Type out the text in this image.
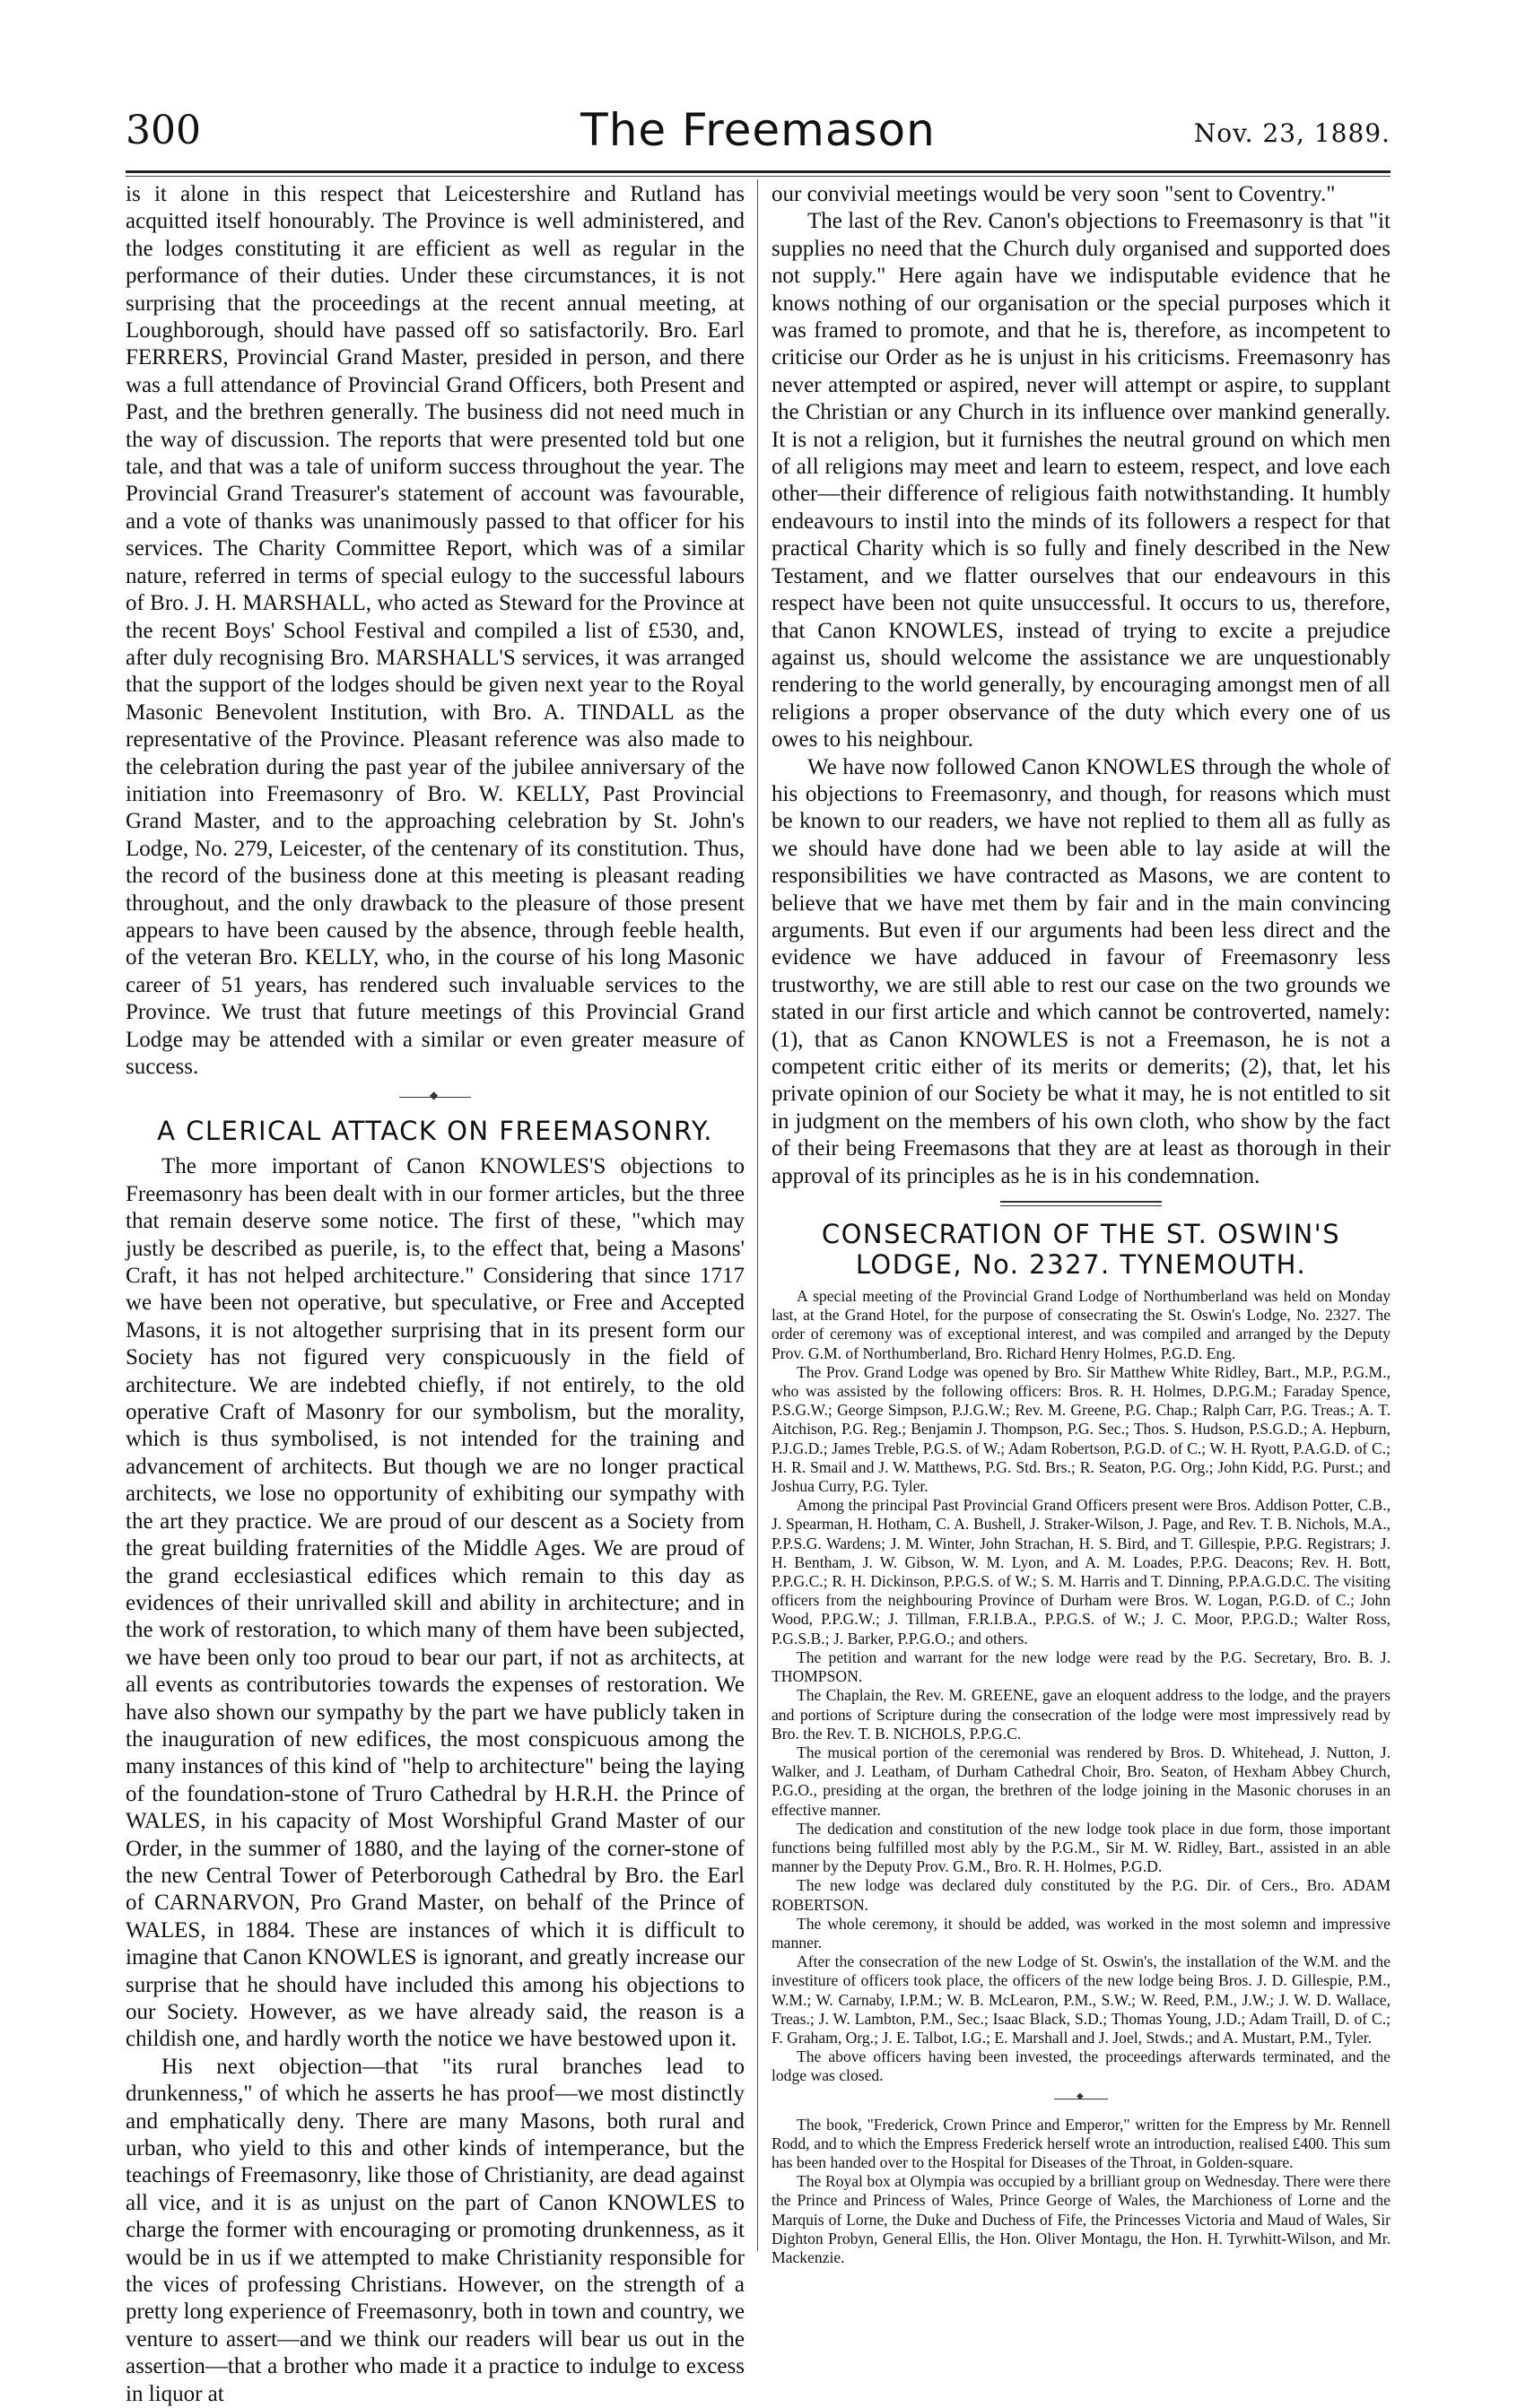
300	The Freemason	Nov. 23, 1889.

is it alone in this respect that Leicestershire and Rutland has acquitted itself honourably. The Province is well administered, and the lodges constituting it are efficient as well as regular in the performance of their duties. Under these circumstances, it is not surprising that the proceedings at the recent annual meeting, at Loughborough, should have passed off so satisfactorily. Bro. Earl FERRERS, Provincial Grand Master, presided in person, and there was a full attendance of Provincial Grand Officers, both Present and Past, and the brethren generally. The business did not need much in the way of discussion. The reports that were presented told but one tale, and that was a tale of uniform success throughout the year. The Provincial Grand Treasurer's statement of account was favourable, and a vote of thanks was unanimously passed to that officer for his services. The Charity Committee Report, which was of a similar nature, referred in terms of special eulogy to the successful labours of Bro. J. H. MARSHALL, who acted as Steward for the Province at the recent Boys' School Festival and compiled a list of £530, and, after duly recognising Bro. MARSHALL'S services, it was arranged that the support of the lodges should be given next year to the Royal Masonic Benevolent Institution, with Bro. A. TINDALL as the representative of the Province. Pleasant reference was also made to the celebration during the past year of the jubilee anniversary of the initiation into Freemasonry of Bro. W. KELLY, Past Provincial Grand Master, and to the approaching celebration by St. John's Lodge, No. 279, Leicester, of the centenary of its constitution. Thus, the record of the business done at this meeting is pleasant reading throughout, and the only drawback to the pleasure of those present appears to have been caused by the absence, through feeble health, of the veteran Bro. KELLY, who, in the course of his long Masonic career of 51 years, has rendered such invaluable services to the Province. We trust that future meetings of this Provincial Grand Lodge may be attended with a similar or even greater measure of success.

◆
A CLERICAL ATTACK ON FREEMASONRY.

The more important of Canon KNOWLES'S objections to Freemasonry has been dealt with in our former articles, but the three that remain deserve some notice. The first of these, "which may justly be described as puerile, is, to the effect that, being a Masons' Craft, it has not helped architecture." Considering that since 1717 we have been not operative, but speculative, or Free and Accepted Masons, it is not altogether surprising that in its present form our Society has not figured very conspicuously in the field of architecture. We are indebted chiefly, if not entirely, to the old operative Craft of Masonry for our symbolism, but the morality, which is thus symbolised, is not intended for the training and advancement of architects. But though we are no longer practical architects, we lose no opportunity of exhibiting our sympathy with the art they practice. We are proud of our descent as a Society from the great building fraternities of the Middle Ages. We are proud of the grand ecclesiastical edifices which remain to this day as evidences of their unrivalled skill and ability in architecture; and in the work of restoration, to which many of them have been subjected, we have been only too proud to bear our part, if not as architects, at all events as contributories towards the expenses of restoration. We have also shown our sympathy by the part we have publicly taken in the inauguration of new edifices, the most conspicuous among the many instances of this kind of "help to architecture" being the laying of the foundation-stone of Truro Cathedral by H.R.H. the Prince of WALES, in his capacity of Most Worshipful Grand Master of our Order, in the summer of 1880, and the laying of the corner-stone of the new Central Tower of Peterborough Cathedral by Bro. the Earl of CARNARVON, Pro Grand Master, on behalf of the Prince of WALES, in 1884. These are instances of which it is difficult to imagine that Canon KNOWLES is ignorant, and greatly increase our surprise that he should have included this among his objections to our Society. However, as we have already said, the reason is a childish one, and hardly worth the notice we have bestowed upon it.

His next objection—that "its rural branches lead to drunkenness," of which he asserts he has proof—we most distinctly and emphatically deny. There are many Masons, both rural and urban, who yield to this and other kinds of intemperance, but the teachings of Freemasonry, like those of Christianity, are dead against all vice, and it is as unjust on the part of Canon KNOWLES to charge the former with encouraging or promoting drunkenness, as it would be in us if we attempted to make Christianity responsible for the vices of professing Christians. However, on the strength of a pretty long experience of Freemasonry, both in town and country, we venture to assert—and we think our readers will bear us out in the assertion—that a brother who made it a practice to indulge to excess in liquor at

our convivial meetings would be very soon "sent to Coventry."

The last of the Rev. Canon's objections to Freemasonry is that "it supplies no need that the Church duly organised and supported does not supply." Here again have we indisputable evidence that he knows nothing of our organisation or the special purposes which it was framed to promote, and that he is, therefore, as incompetent to criticise our Order as he is unjust in his criticisms. Freemasonry has never attempted or aspired, never will attempt or aspire, to supplant the Christian or any Church in its influence over mankind generally. It is not a religion, but it furnishes the neutral ground on which men of all religions may meet and learn to esteem, respect, and love each other—their difference of religious faith notwithstanding. It humbly endeavours to instil into the minds of its followers a respect for that practical Charity which is so fully and finely described in the New Testament, and we flatter ourselves that our endeavours in this respect have been not quite unsuccessful. It occurs to us, therefore, that Canon KNOWLES, instead of trying to excite a prejudice against us, should welcome the assistance we are unquestionably rendering to the world generally, by encouraging amongst men of all religions a proper observance of the duty which every one of us owes to his neighbour.

We have now followed Canon KNOWLES through the whole of his objections to Freemasonry, and though, for reasons which must be known to our readers, we have not replied to them all as fully as we should have done had we been able to lay aside at will the responsibilities we have contracted as Masons, we are content to believe that we have met them by fair and in the main convincing arguments. But even if our arguments had been less direct and the evidence we have adduced in favour of Freemasonry less trustworthy, we are still able to rest our case on the two grounds we stated in our first article and which cannot be controverted, namely: (1), that as Canon KNOWLES is not a Freemason, he is not a competent critic either of its merits or demerits; (2), that, let his private opinion of our Society be what it may, he is not entitled to sit in judgment on the members of his own cloth, who show by the fact of their being Freemasons that they are at least as thorough in their approval of its principles as he is in his condemnation.

CONSECRATION OF THE ST. OSWIN'S LODGE, No. 2327. TYNEMOUTH.

A special meeting of the Provincial Grand Lodge of Northumberland was held on Monday last, at the Grand Hotel, for the purpose of consecrating the St. Oswin's Lodge, No. 2327. The order of ceremony was of exceptional interest, and was compiled and arranged by the Deputy Prov. G.M. of Northumberland, Bro. Richard Henry Holmes, P.G.D. Eng.

The Prov. Grand Lodge was opened by Bro. Sir Matthew White Ridley, Bart., M.P., P.G.M., who was assisted by the following officers: Bros. R. H. Holmes, D.P.G.M.; Faraday Spence, P.S.G.W.; George Simpson, P.J.G.W.; Rev. M. Greene, P.G. Chap.; Ralph Carr, P.G. Treas.; A. T. Aitchison, P.G. Reg.; Benjamin J. Thompson, P.G. Sec.; Thos. S. Hudson, P.S.G.D.; A. Hepburn, P.J.G.D.; James Treble, P.G.S. of W.; Adam Robertson, P.G.D. of C.; W. H. Ryott, P.A.G.D. of C.; H. R. Smail and J. W. Matthews, P.G. Std. Brs.; R. Seaton, P.G. Org.; John Kidd, P.G. Purst.; and Joshua Curry, P.G. Tyler.

Among the principal Past Provincial Grand Officers present were Bros. Addison Potter, C.B., J. Spearman, H. Hotham, C. A. Bushell, J. Straker-Wilson, J. Page, and Rev. T. B. Nichols, M.A., P.P.S.G. Wardens; J. M. Winter, John Strachan, H. S. Bird, and T. Gillespie, P.P.G. Registrars; J. H. Bentham, J. W. Gibson, W. M. Lyon, and A. M. Loades, P.P.G. Deacons; Rev. H. Bott, P.P.G.C.; R. H. Dickinson, P.P.G.S. of W.; S. M. Harris and T. Dinning, P.P.A.G.D.C. The visiting officers from the neighbouring Province of Durham were Bros. W. Logan, P.G.D. of C.; John Wood, P.P.G.W.; J. Tillman, F.R.I.B.A., P.P.G.S. of W.; J. C. Moor, P.P.G.D.; Walter Ross, P.G.S.B.; J. Barker, P.P.G.O.; and others.

The petition and warrant for the new lodge were read by the P.G. Secretary, Bro. B. J. THOMPSON.

The Chaplain, the Rev. M. GREENE, gave an eloquent address to the lodge, and the prayers and portions of Scripture during the consecration of the lodge were most impressively read by Bro. the Rev. T. B. NICHOLS, P.P.G.C.

The musical portion of the ceremonial was rendered by Bros. D. Whitehead, J. Nutton, J. Walker, and J. Leatham, of Durham Cathedral Choir, Bro. Seaton, of Hexham Abbey Church, P.G.O., presiding at the organ, the brethren of the lodge joining in the Masonic choruses in an effective manner.

The dedication and constitution of the new lodge took place in due form, those important functions being fulfilled most ably by the P.G.M., Sir M. W. Ridley, Bart., assisted in an able manner by the Deputy Prov. G.M., Bro. R. H. Holmes, P.G.D.

The new lodge was declared duly constituted by the P.G. Dir. of Cers., Bro. ADAM ROBERTSON.

The whole ceremony, it should be added, was worked in the most solemn and impressive manner.

After the consecration of the new Lodge of St. Oswin's, the installation of the W.M. and the investiture of officers took place, the officers of the new lodge being Bros. J. D. Gillespie, P.M., W.M.; W. Carnaby, I.P.M.; W. B. McLearon, P.M., S.W.; W. Reed, P.M., J.W.; J. W. D. Wallace, Treas.; J. W. Lambton, P.M., Sec.; Isaac Black, S.D.; Thomas Young, J.D.; Adam Traill, D. of C.; F. Graham, Org.; J. E. Talbot, I.G.; E. Marshall and J. Joel, Stwds.; and A. Mustart, P.M., Tyler.

The above officers having been invested, the proceedings afterwards terminated, and the lodge was closed.

◆

The book, "Frederick, Crown Prince and Emperor," written for the Empress by Mr. Rennell Rodd, and to which the Empress Frederick herself wrote an introduction, realised £400. This sum has been handed over to the Hospital for Diseases of the Throat, in Golden-square.

The Royal box at Olympia was occupied by a brilliant group on Wednesday. There were there the Prince and Princess of Wales, Prince George of Wales, the Marchioness of Lorne and the Marquis of Lorne, the Duke and Duchess of Fife, the Princesses Victoria and Maud of Wales, Sir Dighton Probyn, General Ellis, the Hon. Oliver Montagu, the Hon. H. Tyrwhitt-Wilson, and Mr. Mackenzie.
